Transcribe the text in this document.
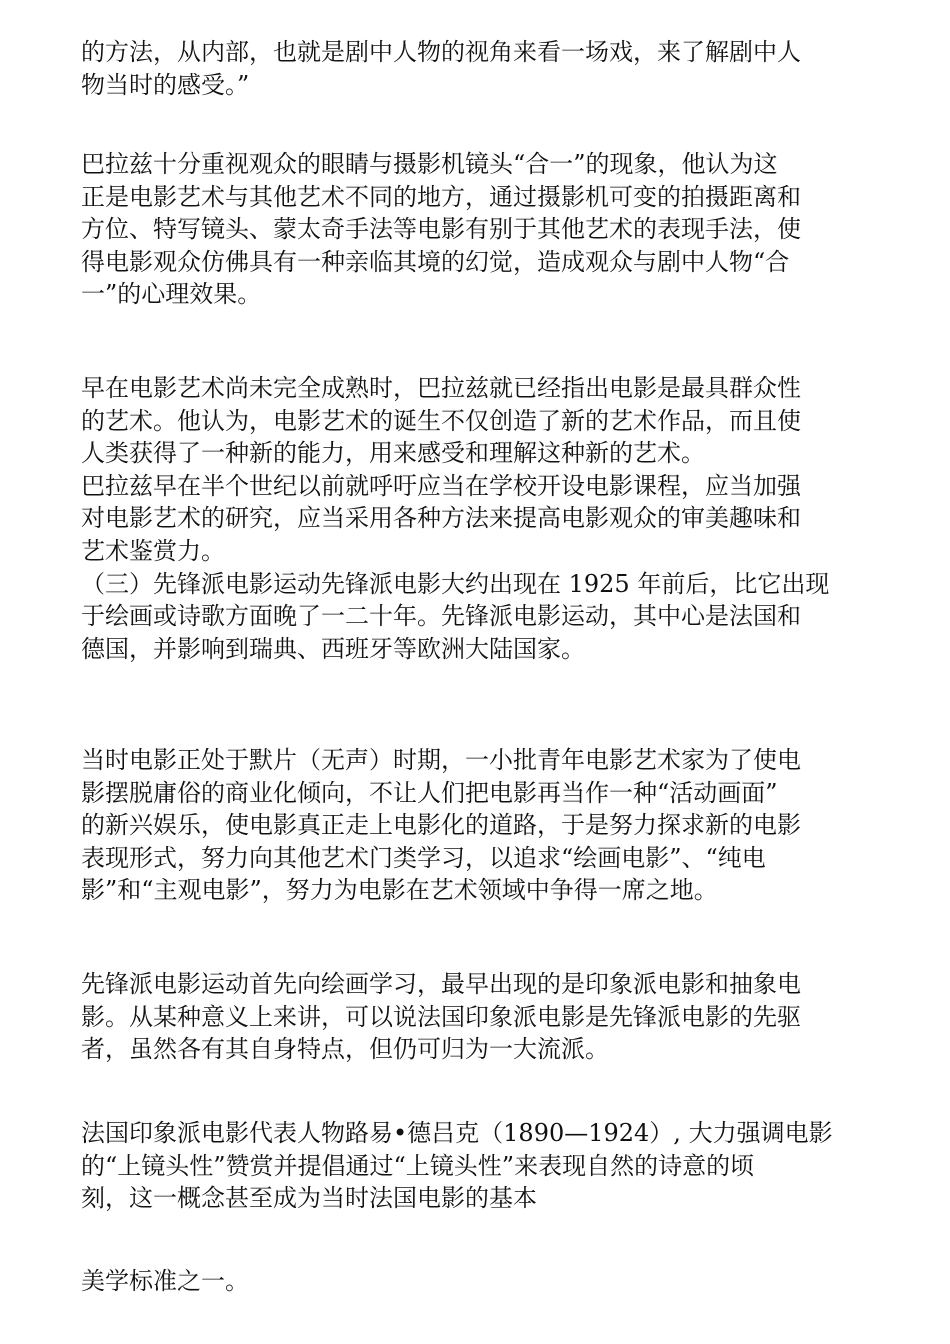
的方法，从内部，也就是剧中人物的视角来看一场戏，来了解剧中人
物当时的感受。”
巴拉兹十分重视观众的眼睛与摄影机镜头“合一”的现象，他认为这
正是电影艺术与其他艺术不同的地方，通过摄影机可变的拍摄距离和
方位、特写镜头、蒙太奇手法等电影有别于其他艺术的表现手法，使
得电影观众仿佛具有一种亲临其境的幻觉，造成观众与剧中人物“合
一”的心理效果。
早在电影艺术尚未完全成熟时，巴拉兹就已经指出电影是最具群众性
的艺术。他认为，电影艺术的诞生不仅创造了新的艺术作品，而且使
人类获得了一种新的能力，用来感受和理解这种新的艺术。
巴拉兹早在半个世纪以前就呼吁应当在学校开设电影课程，应当加强
对电影艺术的研究，应当采用各种方法来提高电影观众的审美趣味和
艺术鉴赏力。
（三）先锋派电影运动先锋派电影大约出现在 1925 年前后，比它出现
于绘画或诗歌方面晚了一二十年。先锋派电影运动，其中心是法国和
德国，并影响到瑞典、西班牙等欧洲大陆国家。
当时电影正处于默片（无声）时期，一小批青年电影艺术家为了使电
影摆脱庸俗的商业化倾向，不让人们把电影再当作一种“活动画面”
的新兴娱乐，使电影真正走上电影化的道路，于是努力探求新的电影
表现形式，努力向其他艺术门类学习，以追求“绘画电影”、“纯电
影”和“主观电影”，努力为电影在艺术领域中争得一席之地。
先锋派电影运动首先向绘画学习，最早出现的是印象派电影和抽象电
影。从某种意义上来讲，可以说法国印象派电影是先锋派电影的先驱
者，虽然各有其自身特点，但仍可归为一大流派。
法国印象派电影代表人物路易•德吕克（1890—1924）, 大力强调电影
的“上镜头性”赞赏并提倡通过“上镜头性”来表现自然的诗意的顷
刻，这一概念甚至成为当时法国电影的基本
美学标准之一。
